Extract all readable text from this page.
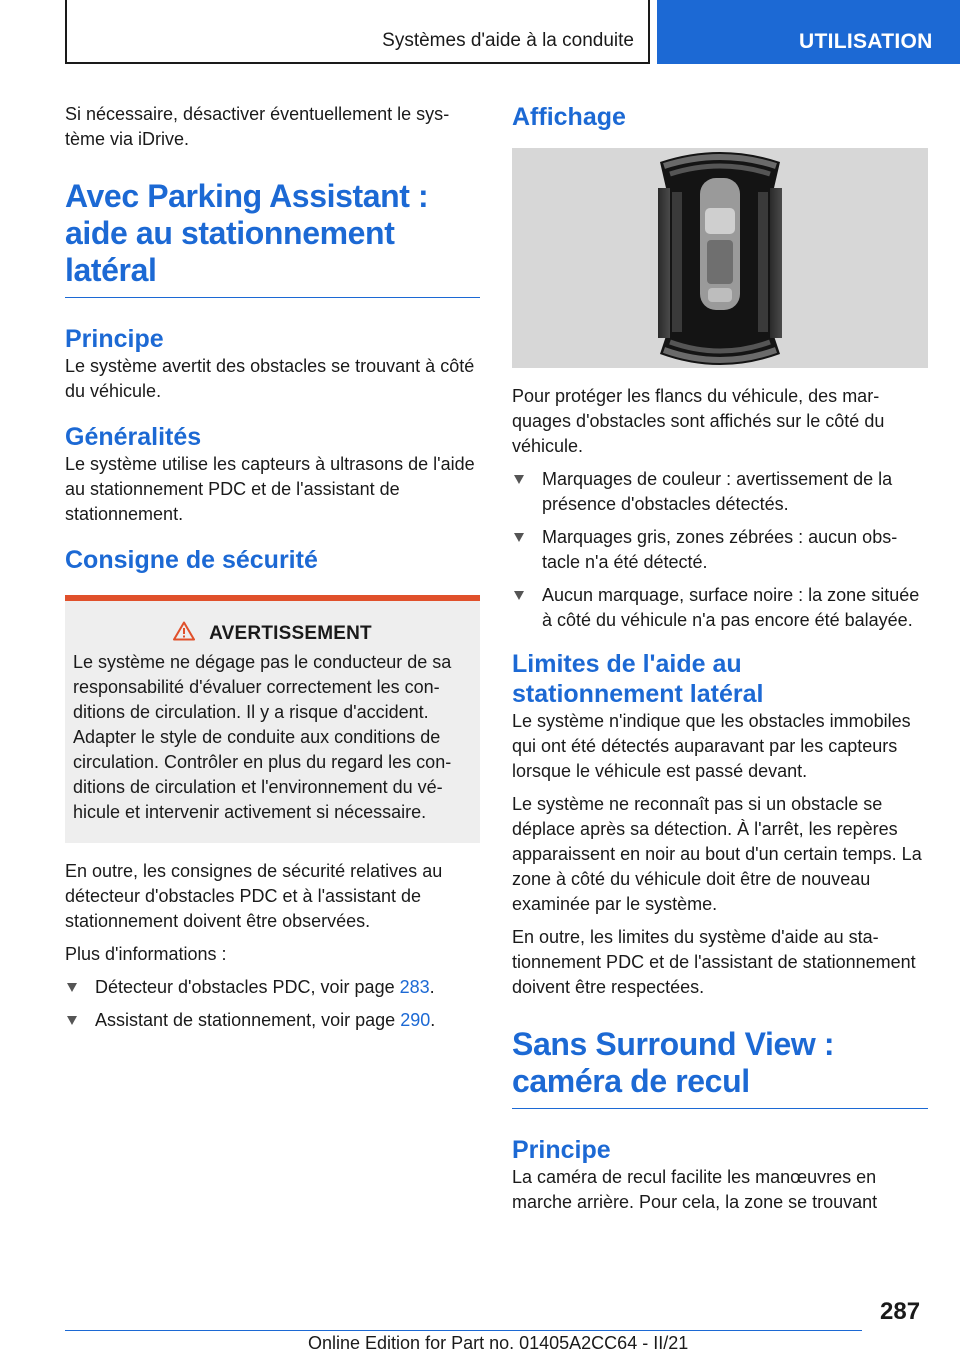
Systèmes d'aide à la conduite	UTILISATION

Si nécessaire, désactiver éventuellement le système via iDrive.

Avec Parking Assistant :
aide au stationnement
latéral
Principe

Le système avertit des obstacles se trouvant à côté du véhicule.

Généralités

Le système utilise les capteurs à ultrasons de l'aide au stationnement PDC et de l'assistant de stationnement.

Consigne de sécurité
AVERTISSEMENT

Le système ne dégage pas le conducteur de sa responsabilité d'évaluer correctement les conditions de circulation. Il y a risque d'accident. Adapter le style de conduite aux conditions de circulation. Contrôler en plus du regard les conditions de circulation et l'environnement du véhicule et intervenir activement si nécessaire.

En outre, les consignes de sécurité relatives au détecteur d'obstacles PDC et à l'assistant de stationnement doivent être observées.

Plus d'informations :

Détecteur d'obstacles PDC, voir page 283.
Assistant de stationnement, voir page 290.
Affichage

Pour protéger les flancs du véhicule, des marquages d'obstacles sont affichés sur le côté du véhicule.

Marquages de couleur : avertissement de la présence d'obstacles détectés.
Marquages gris, zones zébrées : aucun obstacle n'a été détecté.
Aucun marquage, surface noire : la zone située à côté du véhicule n'a pas encore été balayée.
Limites de l'aide au
stationnement latéral

Le système n'indique que les obstacles immobiles qui ont été détectés auparavant par les capteurs lorsque le véhicule est passé devant.

Le système ne reconnaît pas si un obstacle se déplace après sa détection. À l'arrêt, les repères apparaissent en noir au bout d'un certain temps. La zone à côté du véhicule doit être de nouveau examinée par le système.

En outre, les limites du système d'aide au stationnement PDC et de l'assistant de stationnement doivent être respectées.

Sans Surround View :
caméra de recul
Principe

La caméra de recul facilite les manœuvres en marche arrière. Pour cela, la zone se trouvant

287
Online Edition for Part no. 01405A2CC64 - II/21
